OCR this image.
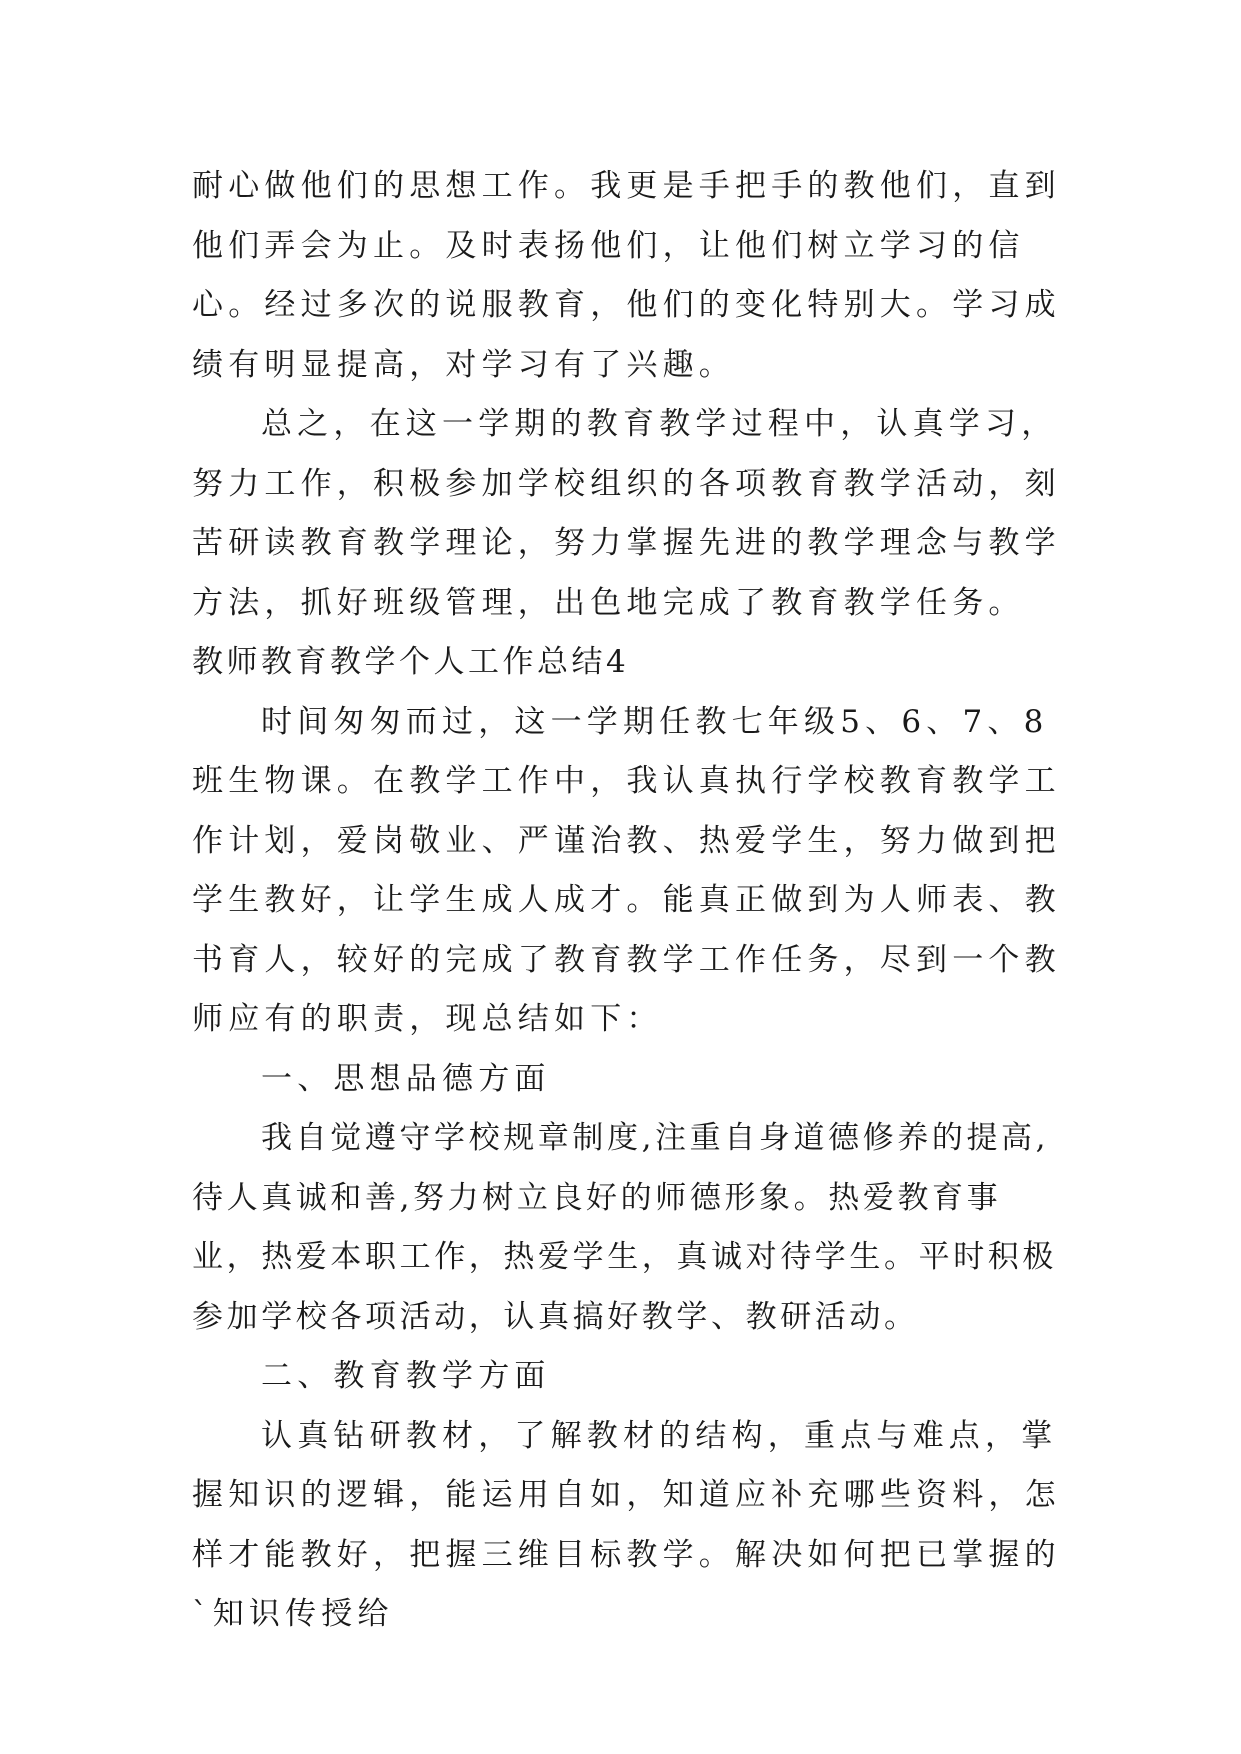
耐心做他们的思想工作。我更是手把手的教他们，直到他们弄会为止。及时表扬他们，让他们树立学习的信心。经过多次的说服教育，他们的变化特别大。学习成绩有明显提高，对学习有了兴趣。

总之，在这一学期的教育教学过程中，认真学习，努力工作，积极参加学校组织的各项教育教学活动，刻苦研读教育教学理论，努力掌握先进的教学理念与教学方法，抓好班级管理，出色地完成了教育教学任务。

教师教育教学个人工作总结4

时间匆匆而过，这一学期任教七年级5、6、7、8班生物课。在教学工作中，我认真执行学校教育教学工作计划，爱岗敬业、严谨治教、热爱学生，努力做到把学生教好，让学生成人成才。能真正做到为人师表、教书育人，较好的完成了教育教学工作任务，尽到一个教师应有的职责，现总结如下：

一、思想品德方面

我自觉遵守学校规章制度,注重自身道德修养的提高,待人真诚和善,努力树立良好的师德形象。热爱教育事业，热爱本职工作，热爱学生，真诚对待学生。平时积极参加学校各项活动，认真搞好教学、教研活动。

二、教育教学方面

认真钻研教材，了解教材的结构，重点与难点，掌握知识的逻辑，能运用自如，知道应补充哪些资料，怎样才能教好，把握三维目标教学。解决如何把已掌握的`知识传授给
